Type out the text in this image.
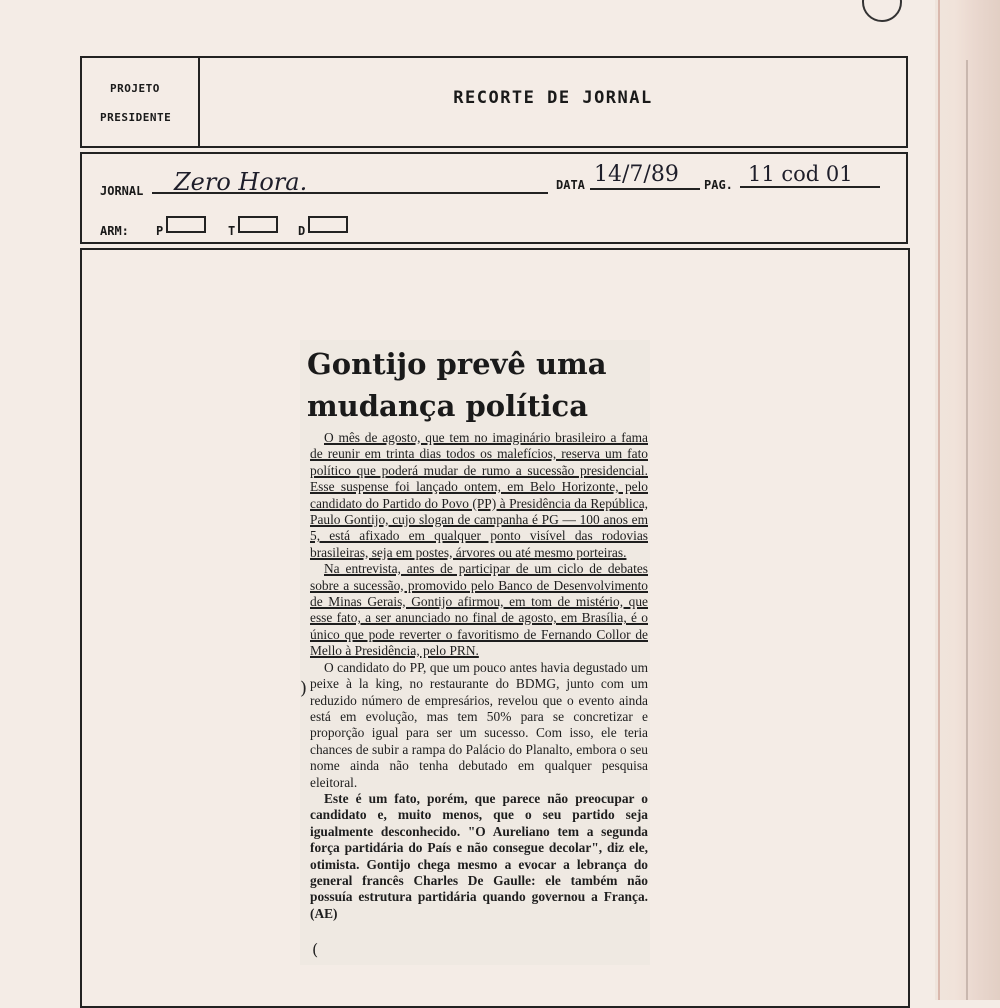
PROJETO
PRESIDENTE
RECORTE DE JORNAL
JORNAL Zero Hora.	DATA 14/7/89 PAG. 11 cod 01
ARM: P	T	D
Gontijo prevê uma mudança política

O mês de agosto, que tem no imaginário brasileiro a fama de reunir em trinta dias todos os malefícios, reserva um fato político que poderá mudar de rumo a sucessão presidencial. Esse suspense foi lançado ontem, em Belo Horizonte, pelo candidato do Partido do Povo (PP) à Presidência da República, Paulo Gontijo, cujo slogan de campanha é PG — 100 anos em 5, está afixado em qualquer ponto visível das rodovias brasileiras, seja em postes, árvores ou até mesmo porteiras.

Na entrevista, antes de participar de um ciclo de debates sobre a sucessão, promovido pelo Banco de Desenvolvimento de Minas Gerais, Gontijo afirmou, em tom de mistério, que esse fato, a ser anunciado no final de agosto, em Brasília, é o único que pode reverter o favoritismo de Fernando Collor de Mello à Presidência, pelo PRN.

O candidato do PP, que um pouco antes havia degustado um peixe à la king, no restaurante do BDMG, junto com um reduzido número de empresários, revelou que o evento ainda está em evolução, mas tem 50% para se concretizar e proporção igual para ser um sucesso. Com isso, ele teria chances de subir a rampa do Palácio do Planalto, embora o seu nome ainda não tenha debutado em qualquer pesquisa eleitoral.

Este é um fato, porém, que parece não preocupar o candidato e, muito menos, que o seu partido seja igualmente desconhecido. "O Aureliano tem a segunda força partidária do País e não consegue decolar", diz ele, otimista. Gontijo chega mesmo a evocar a lebrança do general francês Charles De Gaulle: ele também não possuía estrutura partidária quando governou a França. (AE)

)
(
